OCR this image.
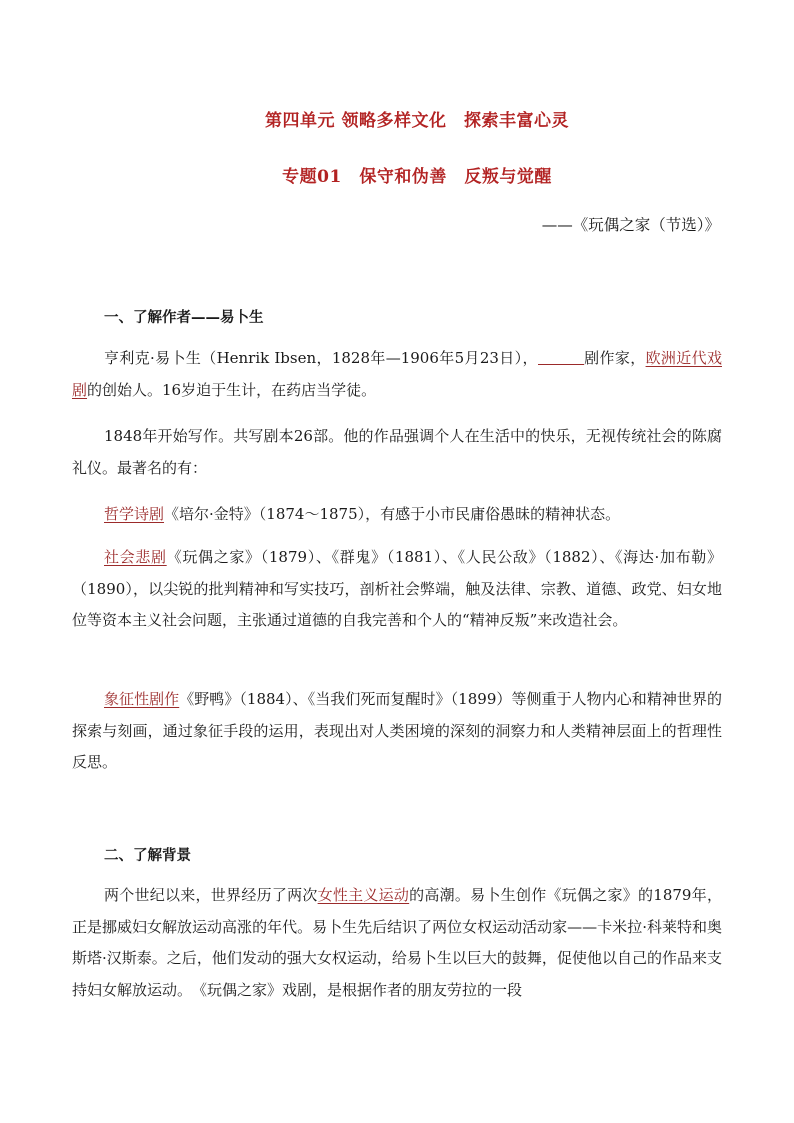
第四单元 领略多样文化　探索丰富心灵
专题01　保守和伪善　反叛与觉醒

——《玩偶之家（节选）》

一、了解作者——易卜生

亨利克·易卜生（Henrik Ibsen，1828年—1906年5月23日），	剧作家，欧洲近代戏剧的创始人。16岁迫于生计，在药店当学徒。

1848年开始写作。共写剧本26部。他的作品强调个人在生活中的快乐，无视传统社会的陈腐礼仪。最著名的有：

哲学诗剧《培尔·金特》（1874～1875），有感于小市民庸俗愚昧的精神状态。

社会悲剧《玩偶之家》（1879）、《群鬼》（1881）、《人民公敌》（1882）、《海达·加布勒》（1890），以尖锐的批判精神和写实技巧，剖析社会弊端，触及法律、宗教、道德、政党、妇女地位等资本主义社会问题，主张通过道德的自我完善和个人的“精神反叛”来改造社会。

象征性剧作《野鸭》（1884）、《当我们死而复醒时》（1899）等侧重于人物内心和精神世界的探索与刻画，通过象征手段的运用，表现出对人类困境的深刻的洞察力和人类精神层面上的哲理性反思。

二、了解背景

两个世纪以来，世界经历了两次女性主义运动的高潮。易卜生创作《玩偶之家》的1879年，正是挪威妇女解放运动高涨的年代。易卜生先后结识了两位女权运动活动家——卡米拉·科莱特和奥斯塔·汉斯泰。之后，他们发动的强大女权运动，给易卜生以巨大的鼓舞，促使他以自己的作品来支持妇女解放运动。　《玩偶之家》戏剧，是根据作者的朋友劳拉的一段
